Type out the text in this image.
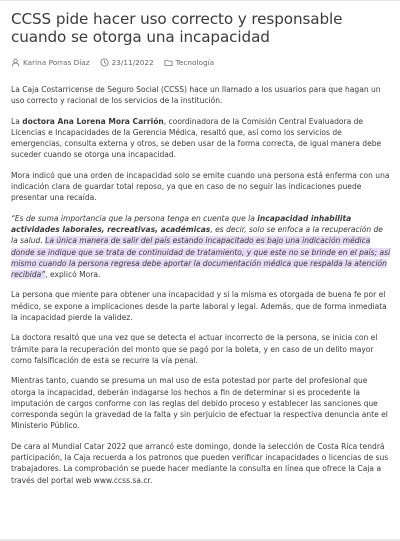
CCSS pide hacer uso correcto y responsable cuando se otorga una incapacidad
Karina Porras Díaz	23/11/2022	Tecnología

La Caja Costarricense de Seguro Social (CCSS) hace un llamado a los usuarios para que hagan un uso correcto y racional de los servicios de la institución.

La doctora Ana Lorena Mora Carrión, coordinadora de la Comisión Central Evaluadora de Licencias e Incapacidades de la Gerencia Médica, resaltó que, así como los servicios de emergencias, consulta externa y otros, se deben usar de la forma correcta, de igual manera debe suceder cuando se otorga una incapacidad.

Mora indicó que una orden de incapacidad solo se emite cuando una persona está enferma con una indicación clara de guardar total reposo, ya que en caso de no seguir las indicaciones puede presentar una recaída.

“Es de suma importancia que la persona tenga en cuenta que la incapacidad inhabilita actividades laborales, recreativas, académicas, es decir, solo se enfoca a la recuperación de la salud. La única manera de salir del país estando incapacitado es bajo una indicación médica donde se indique que se trata de continuidad de tratamiento, y que este no se brinde en el país; así mismo cuando la persona regresa debe aportar la documentación médica que respalda la atención recibida”, explicó Mora.

La persona que miente para obtener una incapacidad y si la misma es otorgada de buena fe por el médico, se expone a implicaciones desde la parte laboral y legal. Además, que de forma inmediata la incapacidad pierde la validez.

La doctora resaltó que una vez que se detecta el actuar incorrecto de la persona, se inicia con el trámite para la recuperación del monto que se pagó por la boleta, y en caso de un delito mayor como falsificación de esta se recurre la vía penal.

Mientras tanto, cuando se presuma un mal uso de esta potestad por parte del profesional que otorga la incapacidad, deberán indagarse los hechos a fin de determinar si es procedente la imputación de cargos conforme con las reglas del debido proceso y establecer las sanciones que corresponda según la gravedad de la falta y sin perjuicio de efectuar la respectiva denuncia ante el Ministerio Público.

De cara al Mundial Catar 2022 que arrancó este domingo, donde la selección de Costa Rica tendrá participación, la Caja recuerda a los patronos que pueden verificar incapacidades o licencias de sus trabajadores. La comprobación se puede hacer mediante la consulta en línea que ofrece la Caja a través del portal web www.ccss.sa.cr.
